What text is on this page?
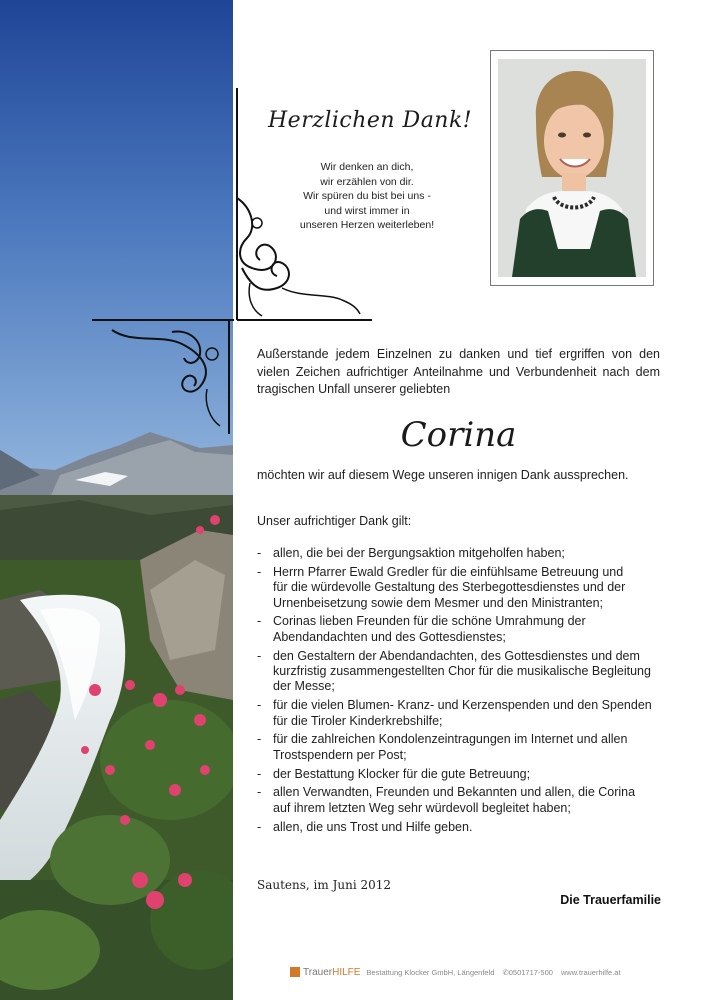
Herzlichen Dank!
Wir denken an dich,
wir erzählen von dir.
Wir spüren du bist bei uns -
und wirst immer in
unseren Herzen weiterleben!
Außerstande jedem Einzelnen zu danken und tief ergriffen von den vielen Zeichen aufrichtiger Anteilnahme und Verbundenheit nach dem tragischen Unfall unserer geliebten
Corina
möchten wir auf diesem Wege unseren innigen Dank aussprechen.
Unser aufrichtiger Dank gilt:
- allen, die bei der Bergungsaktion mitgeholfen haben;
- Herrn Pfarrer Ewald Gredler für die einfühlsame Betreuung und
für die würdevolle Gestaltung des Sterbegottesdienstes und der
Urnenbeisetzung sowie dem Mesmer und den Ministranten;
- Corinas lieben Freunden für die schöne Umrahmung der
Abendandachten und des Gottesdienstes;
- den Gestaltern der Abendandachten, des Gottesdienstes und dem
kurzfristig zusammengestellten Chor für die musikalische Begleitung
der Messe;
- für die vielen Blumen- Kranz- und Kerzenspenden und den Spenden
für die Tiroler Kinderkrebshilfe;
- für die zahlreichen Kondolenzeintragungen im Internet und allen
Trostspendern per Post;
- der Bestattung Klocker für die gute Betreuung;
- allen Verwandten, Freunden und Bekannten und allen, die Corina
auf ihrem letzten Weg sehr würdevoll begleitet haben;
- allen, die uns Trost und Hilfe geben.
Sautens, im Juni 2012
Die Trauerfamilie
Trauer HILFE Bestattung Klocker GmbH, Längenfeld ✆0501717-500 www.trauerhilfe.at
